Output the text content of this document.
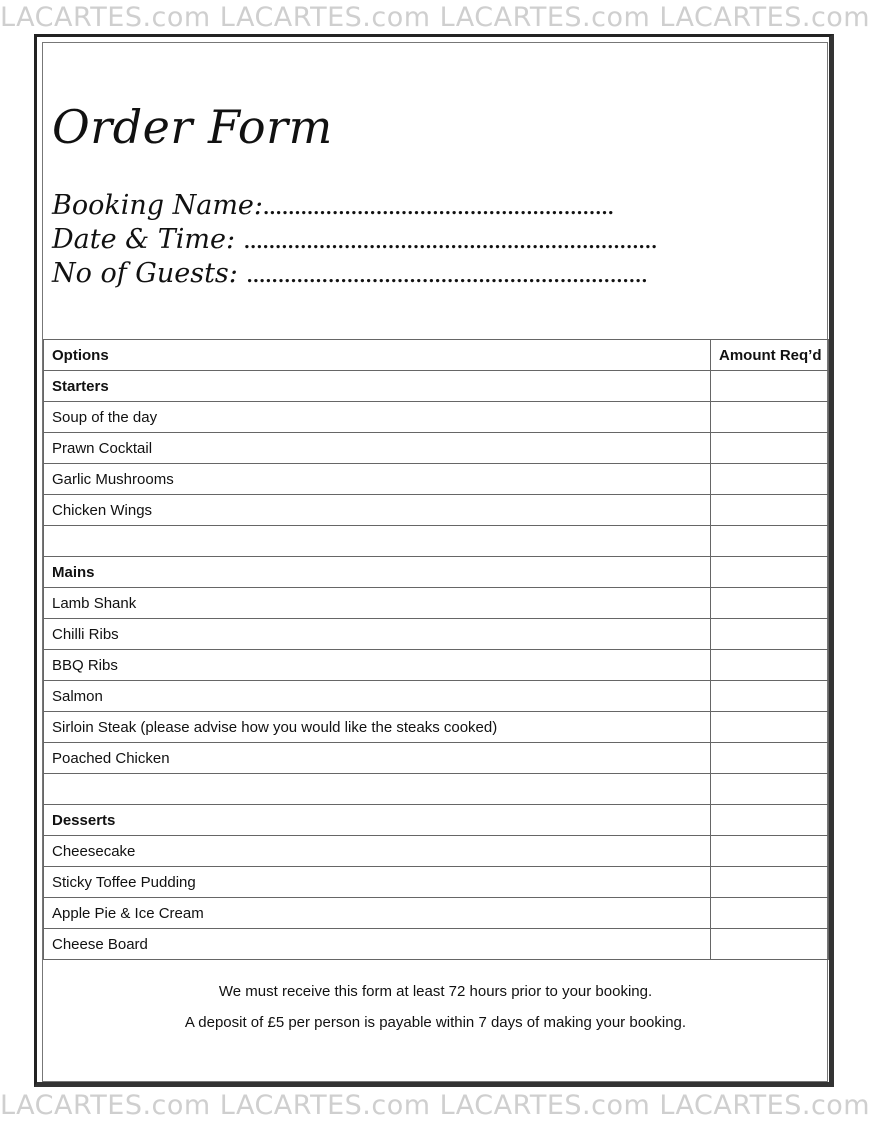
LACARTES.com LACARTES.com LACARTES.com LACARTES.com
Order Form
Booking Name:........................................................
Date & Time: ..................................................................
No of Guests: ................................................................
Options	Amount Req’d
Starters	
Soup of the day	
Prawn Cocktail	
Garlic Mushrooms	
Chicken Wings	

Mains	
Lamb Shank	
Chilli Ribs	
BBQ Ribs	
Salmon	
Sirloin Steak (please advise how you would like the steaks cooked)	
Poached Chicken	

Desserts	
Cheesecake	
Sticky Toffee Pudding	
Apple Pie & Ice Cream	
Cheese Board	
We must receive this form at least 72 hours prior to your booking.
A deposit of £5 per person is payable within 7 days of making your booking.
LACARTES.com LACARTES.com LACARTES.com LACARTES.com
